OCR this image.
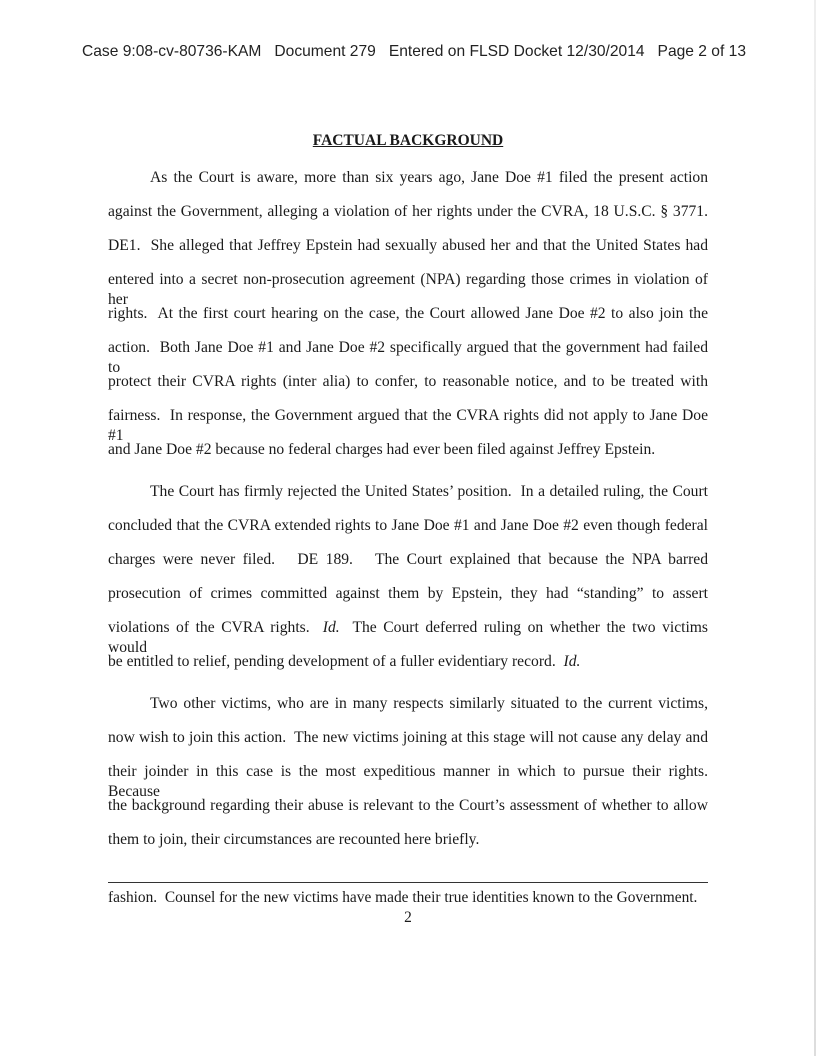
Case 9:08-cv-80736-KAM   Document 279   Entered on FLSD Docket 12/30/2014   Page 2 of 13
FACTUAL BACKGROUND
As the Court is aware, more than six years ago, Jane Doe #1 filed the present action
against the Government, alleging a violation of her rights under the CVRA, 18 U.S.C. § 3771.
DE1.  She alleged that Jeffrey Epstein had sexually abused her and that the United States had
entered into a secret non-prosecution agreement (NPA) regarding those crimes in violation of her
rights.  At the first court hearing on the case, the Court allowed Jane Doe #2 to also join the
action.  Both Jane Doe #1 and Jane Doe #2 specifically argued that the government had failed to
protect their CVRA rights (inter alia) to confer, to reasonable notice, and to be treated with
fairness.  In response, the Government argued that the CVRA rights did not apply to Jane Doe #1
and Jane Doe #2 because no federal charges had ever been filed against Jeffrey Epstein.
The Court has firmly rejected the United States’ position.  In a detailed ruling, the Court
concluded that the CVRA extended rights to Jane Doe #1 and Jane Doe #2 even though federal
charges were never filed.   DE 189.   The Court explained that because the NPA barred
prosecution of crimes committed against them by Epstein, they had “standing” to assert
violations of the CVRA rights.  Id.  The Court deferred ruling on whether the two victims would
be entitled to relief, pending development of a fuller evidentiary record.  Id.
Two other victims, who are in many respects similarly situated to the current victims,
now wish to join this action.  The new victims joining at this stage will not cause any delay and
their joinder in this case is the most expeditious manner in which to pursue their rights.  Because
the background regarding their abuse is relevant to the Court’s assessment of whether to allow
them to join, their circumstances are recounted here briefly.
fashion.  Counsel for the new victims have made their true identities known to the Government.
2
